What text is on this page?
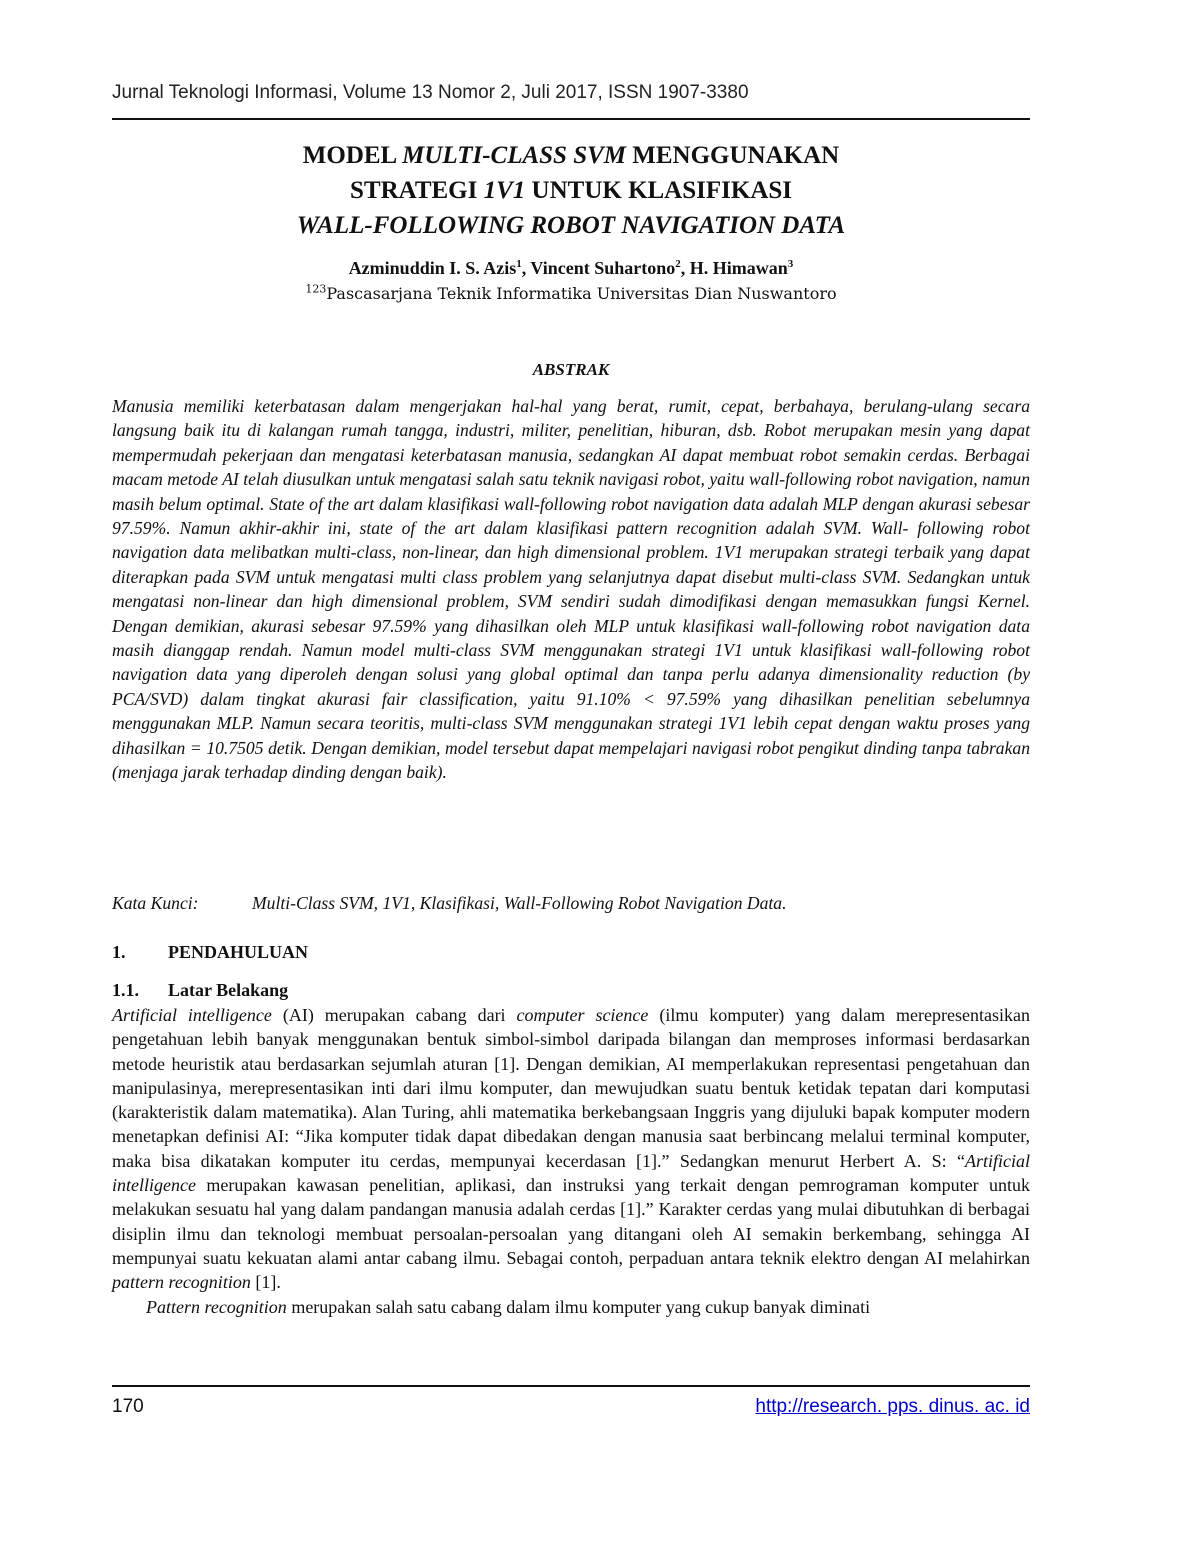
Jurnal Teknologi Informasi, Volume 13 Nomor 2, Juli 2017, ISSN 1907-3380
MODEL MULTI-CLASS SVM MENGGUNAKAN
STRATEGI 1V1 UNTUK KLASIFIKASI
WALL-FOLLOWING ROBOT NAVIGATION DATA
Azminuddin I. S. Azis$^1$, Vincent Suhartono$^2$, H. Himawan$^3$
$^{123}$Pascasarjana Teknik Informatika Universitas Dian Nuswantoro
ABSTRAK
Manusia memiliki keterbatasan dalam mengerjakan hal-hal yang berat, rumit, cepat, berbahaya, berulang-ulang secara langsung baik itu di kalangan rumah tangga, industri, militer, penelitian, hiburan, dsb. Robot merupakan mesin yang dapat mempermudah pekerjaan dan mengatasi keterbatasan manusia, sedangkan AI dapat membuat robot semakin cerdas. Berbagai macam metode AI telah diusulkan untuk mengatasi salah satu teknik navigasi robot, yaitu wall-following robot navigation, namun masih belum optimal. State of the art dalam klasifikasi wall-following robot navigation data adalah MLP dengan akurasi sebesar 97.59%. Namun akhir-akhir ini, state of the art dalam klasifikasi pattern recognition adalah SVM. Wall- following robot navigation data melibatkan multi-class, non-linear, dan high dimensional problem. 1V1 merupakan strategi terbaik yang dapat diterapkan pada SVM untuk mengatasi multi class problem yang selanjutnya dapat disebut multi-class SVM. Sedangkan untuk mengatasi non-linear dan high dimensional problem, SVM sendiri sudah dimodifikasi dengan memasukkan fungsi Kernel. Dengan demikian, akurasi sebesar 97.59% yang dihasilkan oleh MLP untuk klasifikasi wall-following robot navigation data masih dianggap rendah. Namun model multi-class SVM menggunakan strategi 1V1 untuk klasifikasi wall-following robot navigation data yang diperoleh dengan solusi yang global optimal dan tanpa perlu adanya dimensionality reduction (by PCA/SVD) dalam tingkat akurasi fair classification, yaitu 91.10% < 97.59% yang dihasilkan penelitian sebelumnya menggunakan MLP. Namun secara teoritis, multi-class SVM menggunakan strategi 1V1 lebih cepat dengan waktu proses yang dihasilkan = 10.7505 detik. Dengan demikian, model tersebut dapat mempelajari navigasi robot pengikut dinding tanpa tabrakan (menjaga jarak terhadap dinding dengan baik).
Kata Kunci:	Multi-Class SVM, 1V1, Klasifikasi, Wall-Following Robot Navigation Data.
1. PENDAHULUAN
1.1. Latar Belakang

Artificial intelligence (AI) merupakan cabang dari computer science (ilmu komputer) yang dalam merepresentasikan pengetahuan lebih banyak menggunakan bentuk simbol-simbol daripada bilangan dan memproses informasi berdasarkan metode heuristik atau berdasarkan sejumlah aturan [1]. Dengan demikian, AI memperlakukan representasi pengetahuan dan manipulasinya, merepresentasikan inti dari ilmu komputer, dan mewujudkan suatu bentuk ketidak tepatan dari komputasi (karakteristik dalam matematika). Alan Turing, ahli matematika berkebangsaan Inggris yang dijuluki bapak komputer modern menetapkan definisi AI: “Jika komputer tidak dapat dibedakan dengan manusia saat berbincang melalui terminal komputer, maka bisa dikatakan komputer itu cerdas, mempunyai kecerdasan [1].” Sedangkan menurut Herbert A. S: “Artificial intelligence merupakan kawasan penelitian, aplikasi, dan instruksi yang terkait dengan pemrograman komputer untuk melakukan sesuatu hal yang dalam pandangan manusia adalah cerdas [1].” Karakter cerdas yang mulai dibutuhkan di berbagai disiplin ilmu dan teknologi membuat persoalan-persoalan yang ditangani oleh AI semakin berkembang, sehingga AI mempunyai suatu kekuatan alami antar cabang ilmu. Sebagai contoh, perpaduan antara teknik elektro dengan AI melahirkan pattern recognition [1].

Pattern recognition merupakan salah satu cabang dalam ilmu komputer yang cukup banyak diminati

170	http://research. pps. dinus. ac. id
